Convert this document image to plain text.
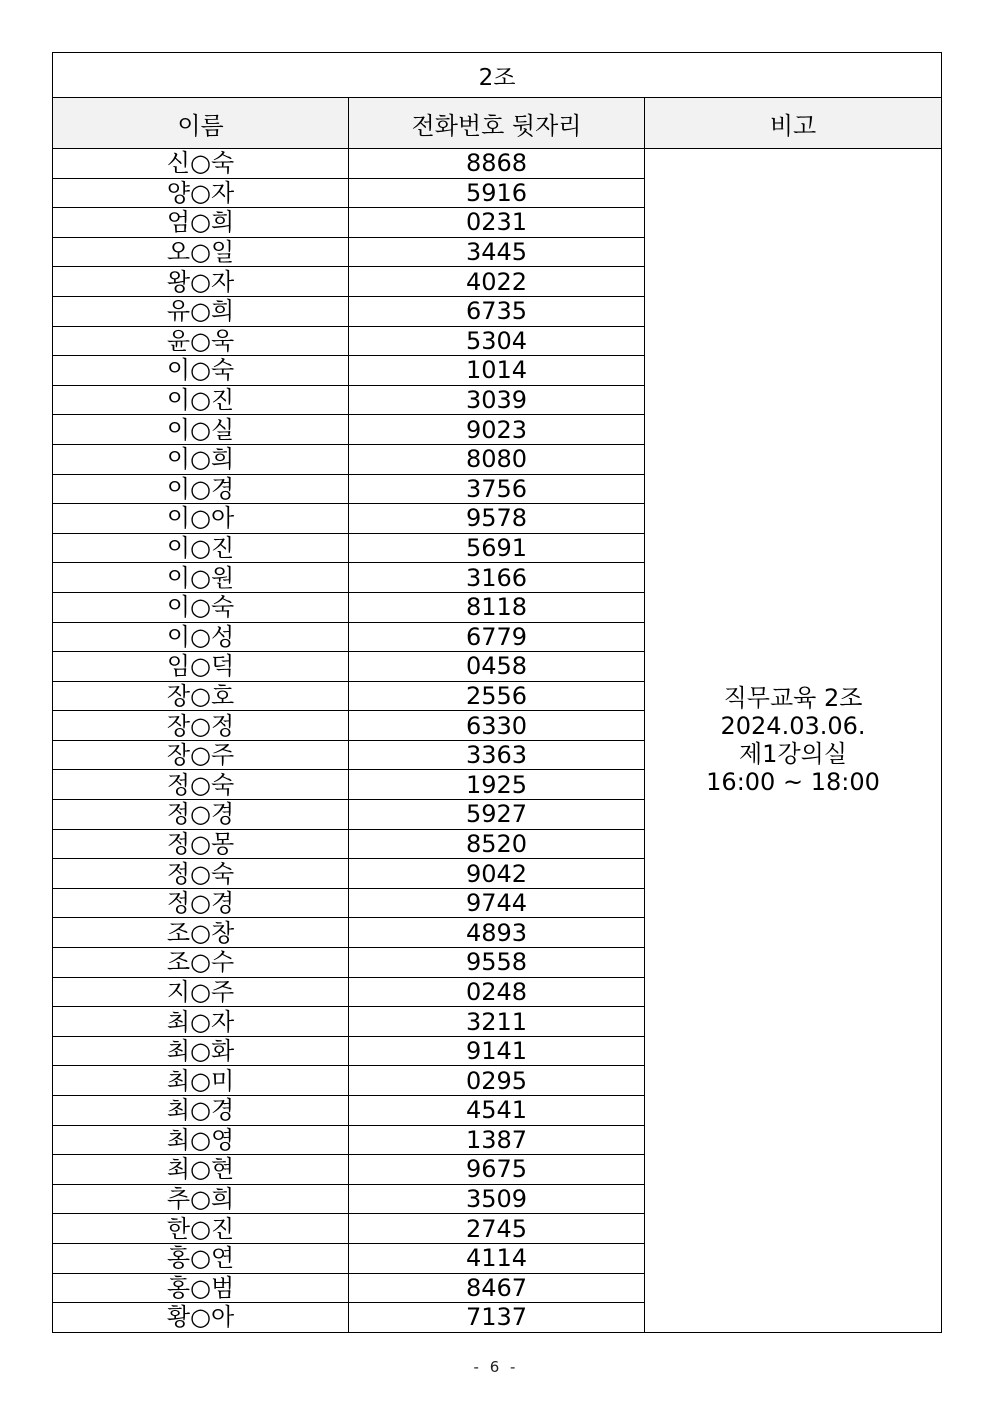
2조		
이름	전화번호 뒷자리	비고
신○숙	8868	직무교육 2조
2024.03.06.
제1강의실
16:00 ~ 18:00

양○자	5916	
엄○희	0231	
오○일	3445	
왕○자	4022	
유○희	6735	
윤○욱	5304	
이○숙	1014	
이○진	3039	
이○실	9023	
이○희	8080	
이○경	3756	
이○아	9578	
이○진	5691	
이○원	3166	
이○숙	8118	
이○성	6779	
임○덕	0458	
장○호	2556	
장○정	6330	
장○주	3363	
정○숙	1925	
정○경	5927	
정○몽	8520	
정○숙	9042	
정○경	9744	
조○창	4893	
조○수	9558	
지○주	0248	
최○자	3211	
최○화	9141	
최○미	0295	
최○경	4541	
최○영	1387	
최○현	9675	
추○희	3509	
한○진	2745	
홍○연	4114	
홍○범	8467	
황○아	7137	
- 6 -
